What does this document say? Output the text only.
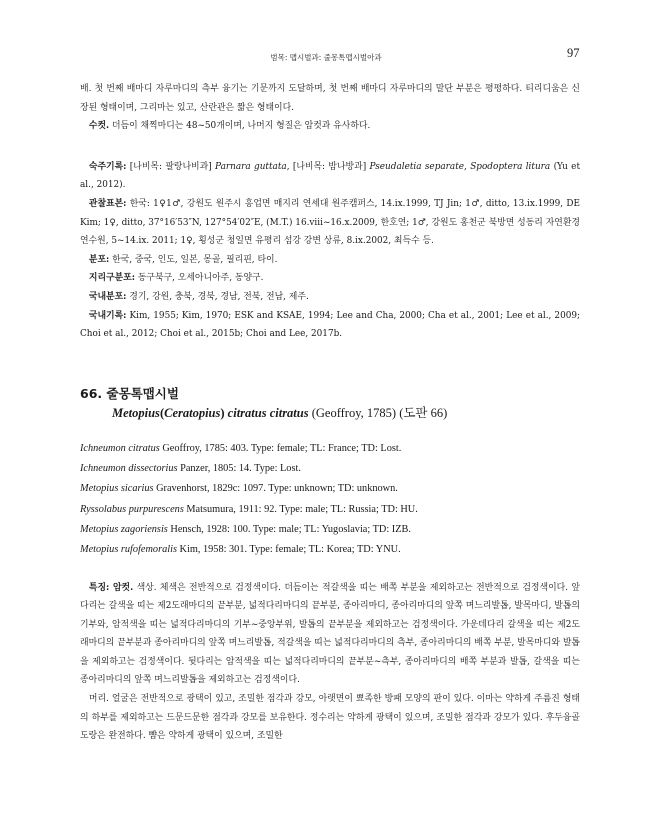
범목: 맵시벌과: 줄몽톡맵시벌아과	97

배. 첫 번째 배마디 자루마디의 측부 융기는 기문까지 도달하며, 첫 번째 배마디 자루마디의 말단 부분은 평평하다. 티리디움은 신장된 형태이며, 그리마는 있고, 산란관은 짧은 형태이다.

 수컷. 더듬이 채찍마디는 48~50개이며, 나머지 형질은 암컷과 유사하다.

 숙주기록: [나비목: 팔랑나비과] Parnara guttata, [나비목: 밤나방과] Pseudaletia separate, Spodoptera litura (Yu et al., 2012).

 관찰표본: 한국: 1♀1♂, 강원도 원주시 흥업면 매지리 연세대 원주캠퍼스, 14.ix.1999, TJ Jin; 1♂, ditto, 13.ix.1999, DE Kim; 1♀, ditto, 37°16′53″N, 127°54′02″E, (M.T.) 16.viii~16.x.2009, 한호연; 1♂, 강원도 홍천군 북방면 성동리 자연환경연수원, 5~14.ix. 2011; 1♀, 횡성군 청일면 유평리 섬강 강변 상류, 8.ix.2002, 최득수 등.

 분포: 한국, 중국, 인도, 일본, 몽골, 필리핀, 타이.

 지리구분포: 동구북구, 오세아니아주, 동양구.

 국내분포: 경기, 강원, 충북, 경북, 경남, 전북, 전남, 제주.

 국내기록: Kim, 1955; Kim, 1970; ESK and KSAE, 1994; Lee and Cha, 2000; Cha et al., 2001; Lee et al., 2009; Choi et al., 2012; Choi et al., 2015b; Choi and Lee, 2017b.

66. 줄몽톡맵시벌
Metopius(Ceratopius) citratus citratus (Geoffroy, 1785) (도판 66)

Ichneumon citratus Geoffroy, 1785: 403. Type: female; TL: France; TD: Lost.

Ichneumon dissectorius Panzer, 1805: 14. Type: Lost.

Metopius sicarius Gravenhorst, 1829c: 1097. Type: unknown; TD: unknown.

Ryssolabus purpurescens Matsumura, 1911: 92. Type: male; TL: Russia; TD: HU.

Metopius zagoriensis Hensch, 1928: 100. Type: male; TL: Yugoslavia; TD: IZB.

Metopius rufofemoralis Kim, 1958: 301. Type: female; TL: Korea; TD: YNU.

 특징: 암컷. 색상. 체색은 전반적으로 검정색이다. 더듬이는 적갈색을 띠는 배쪽 부분을 제외하고는 전반적으로 검정색이다. 앞다리는 갈색을 띠는 제2도래마디의 끝부분, 넓적다리마디의 끝부분, 종아리마디, 종아리마디의 앞쪽 며느리발톱, 발목마디, 발톱의 기부와, 암적색을 띠는 넓적다리마디의 기부~중앙부위, 발톱의 끝부분을 제외하고는 검정색이다. 가운데다리 갈색을 띠는 제2도래마디의 끝부분과 종아리마디의 앞쪽 며느리발톱, 적갈색을 띠는 넓적다리마디의 측부, 종아리마디의 배쪽 부분, 발목마디와 발톱을 제외하고는 검정색이다. 뒷다리는 암적색을 띠는 넓적다리마디의 끝부분~측부, 종아리마디의 배쪽 부분과 발톱, 갈색을 띠는 종아리마디의 앞쪽 며느리발톱을 제외하고는 검정색이다.

 머리. 얼굴은 전반적으로 광택이 있고, 조밀한 점각과 강모, 아랫면이 뾰족한 방패 모양의 판이 있다. 이마는 약하게 주름진 형태의 하부를 제외하고는 드문드문한 점각과 강모를 보유한다. 정수리는 약하게 광택이 있으며, 조밀한 점각과 강모가 있다. 후두융골도랑은 완전하다. 뺨은 약하게 광택이 있으며, 조밀한
